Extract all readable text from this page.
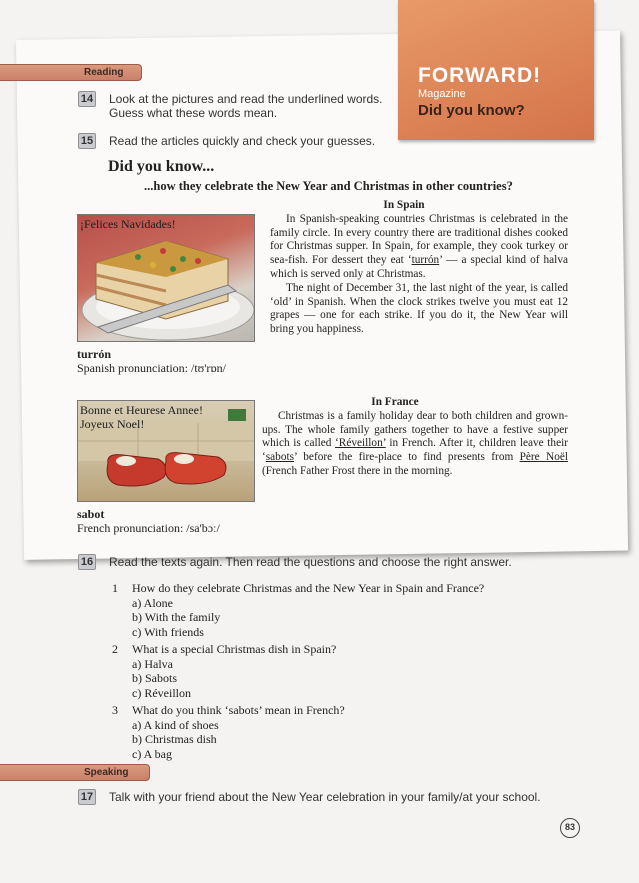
FORWARD!
Magazine
Did you know?
Reading
14 Look at the pictures and read the underlined words.
Guess what these words mean.
15 Read the articles quickly and check your guesses.
Did you know...
...how they celebrate the New Year and Christmas in other countries?
¡Felices Navidades!
turrón
Spanish pronunciation: /tʊ'rɒn/
In Spain

In Spanish-speaking countries Christmas is celebrated in the family circle. In every country there are traditional dishes cooked for Christmas supper. In Spain, for example, they cook turkey or sea-fish. For dessert they eat ‘turrón’ — a special kind of halva which is served only at Christmas.

The night of December 31, the last night of the year, is called ‘old’ in Spanish. When the clock strikes twelve you must eat 12 grapes — one for each strike. If you do it, the New Year will bring you happiness.

Bonne et Heurese Annee!
Joyeux Noel!
sabot
French pronunciation: /sa'bɔː/
In France

Christmas is a family holiday dear to both children and grown-ups. The whole family gathers together to have a festive supper which is called ‘Réveillon’ in French. After it, children leave their ‘sabots’ before the fire-place to find presents from Père Noël (French Father Frost there in the morning.

16 Read the texts again. Then read the questions and choose the right answer.
1 How do they celebrate Christmas and the New Year in Spain and France?
a) Alone
b) With the family
c) With friends
2 What is a special Christmas dish in Spain?
a) Halva
b) Sabots
c) Réveillon
3 What do you think ‘sabots’ mean in French?
a) A kind of shoes
b) Christmas dish
c) A bag
Speaking
17 Talk with your friend about the New Year celebration in your family/at your school.
83
